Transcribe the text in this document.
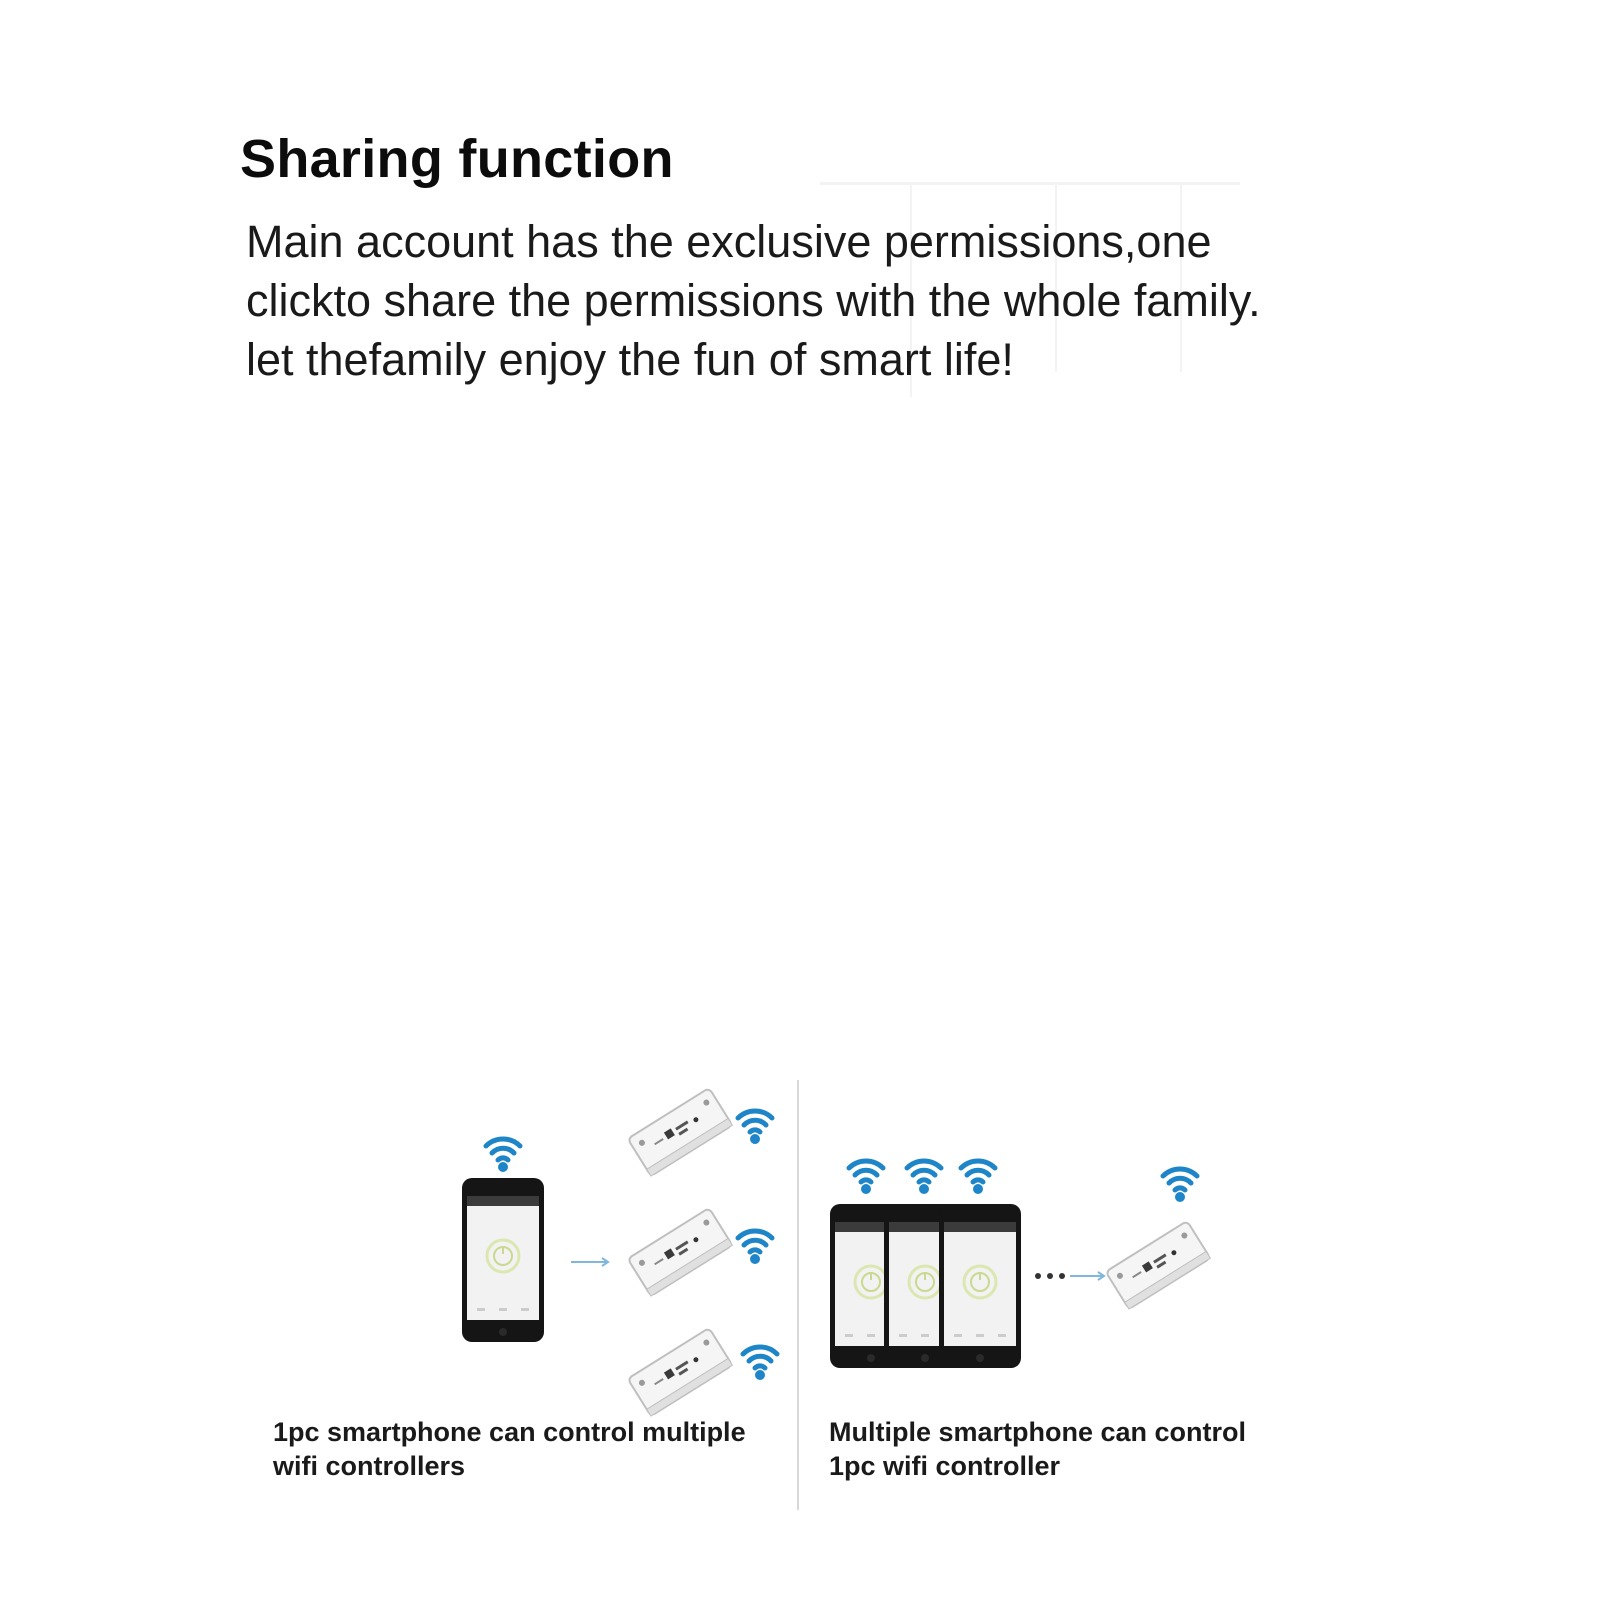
Sharing function
Main account has the exclusive permissions,one
clickto share the permissions with the whole family.
let thefamily enjoy the fun of smart life!
1pc smartphone can control multiple
wifi controllers
Multiple smartphone can control
1pc wifi controller
